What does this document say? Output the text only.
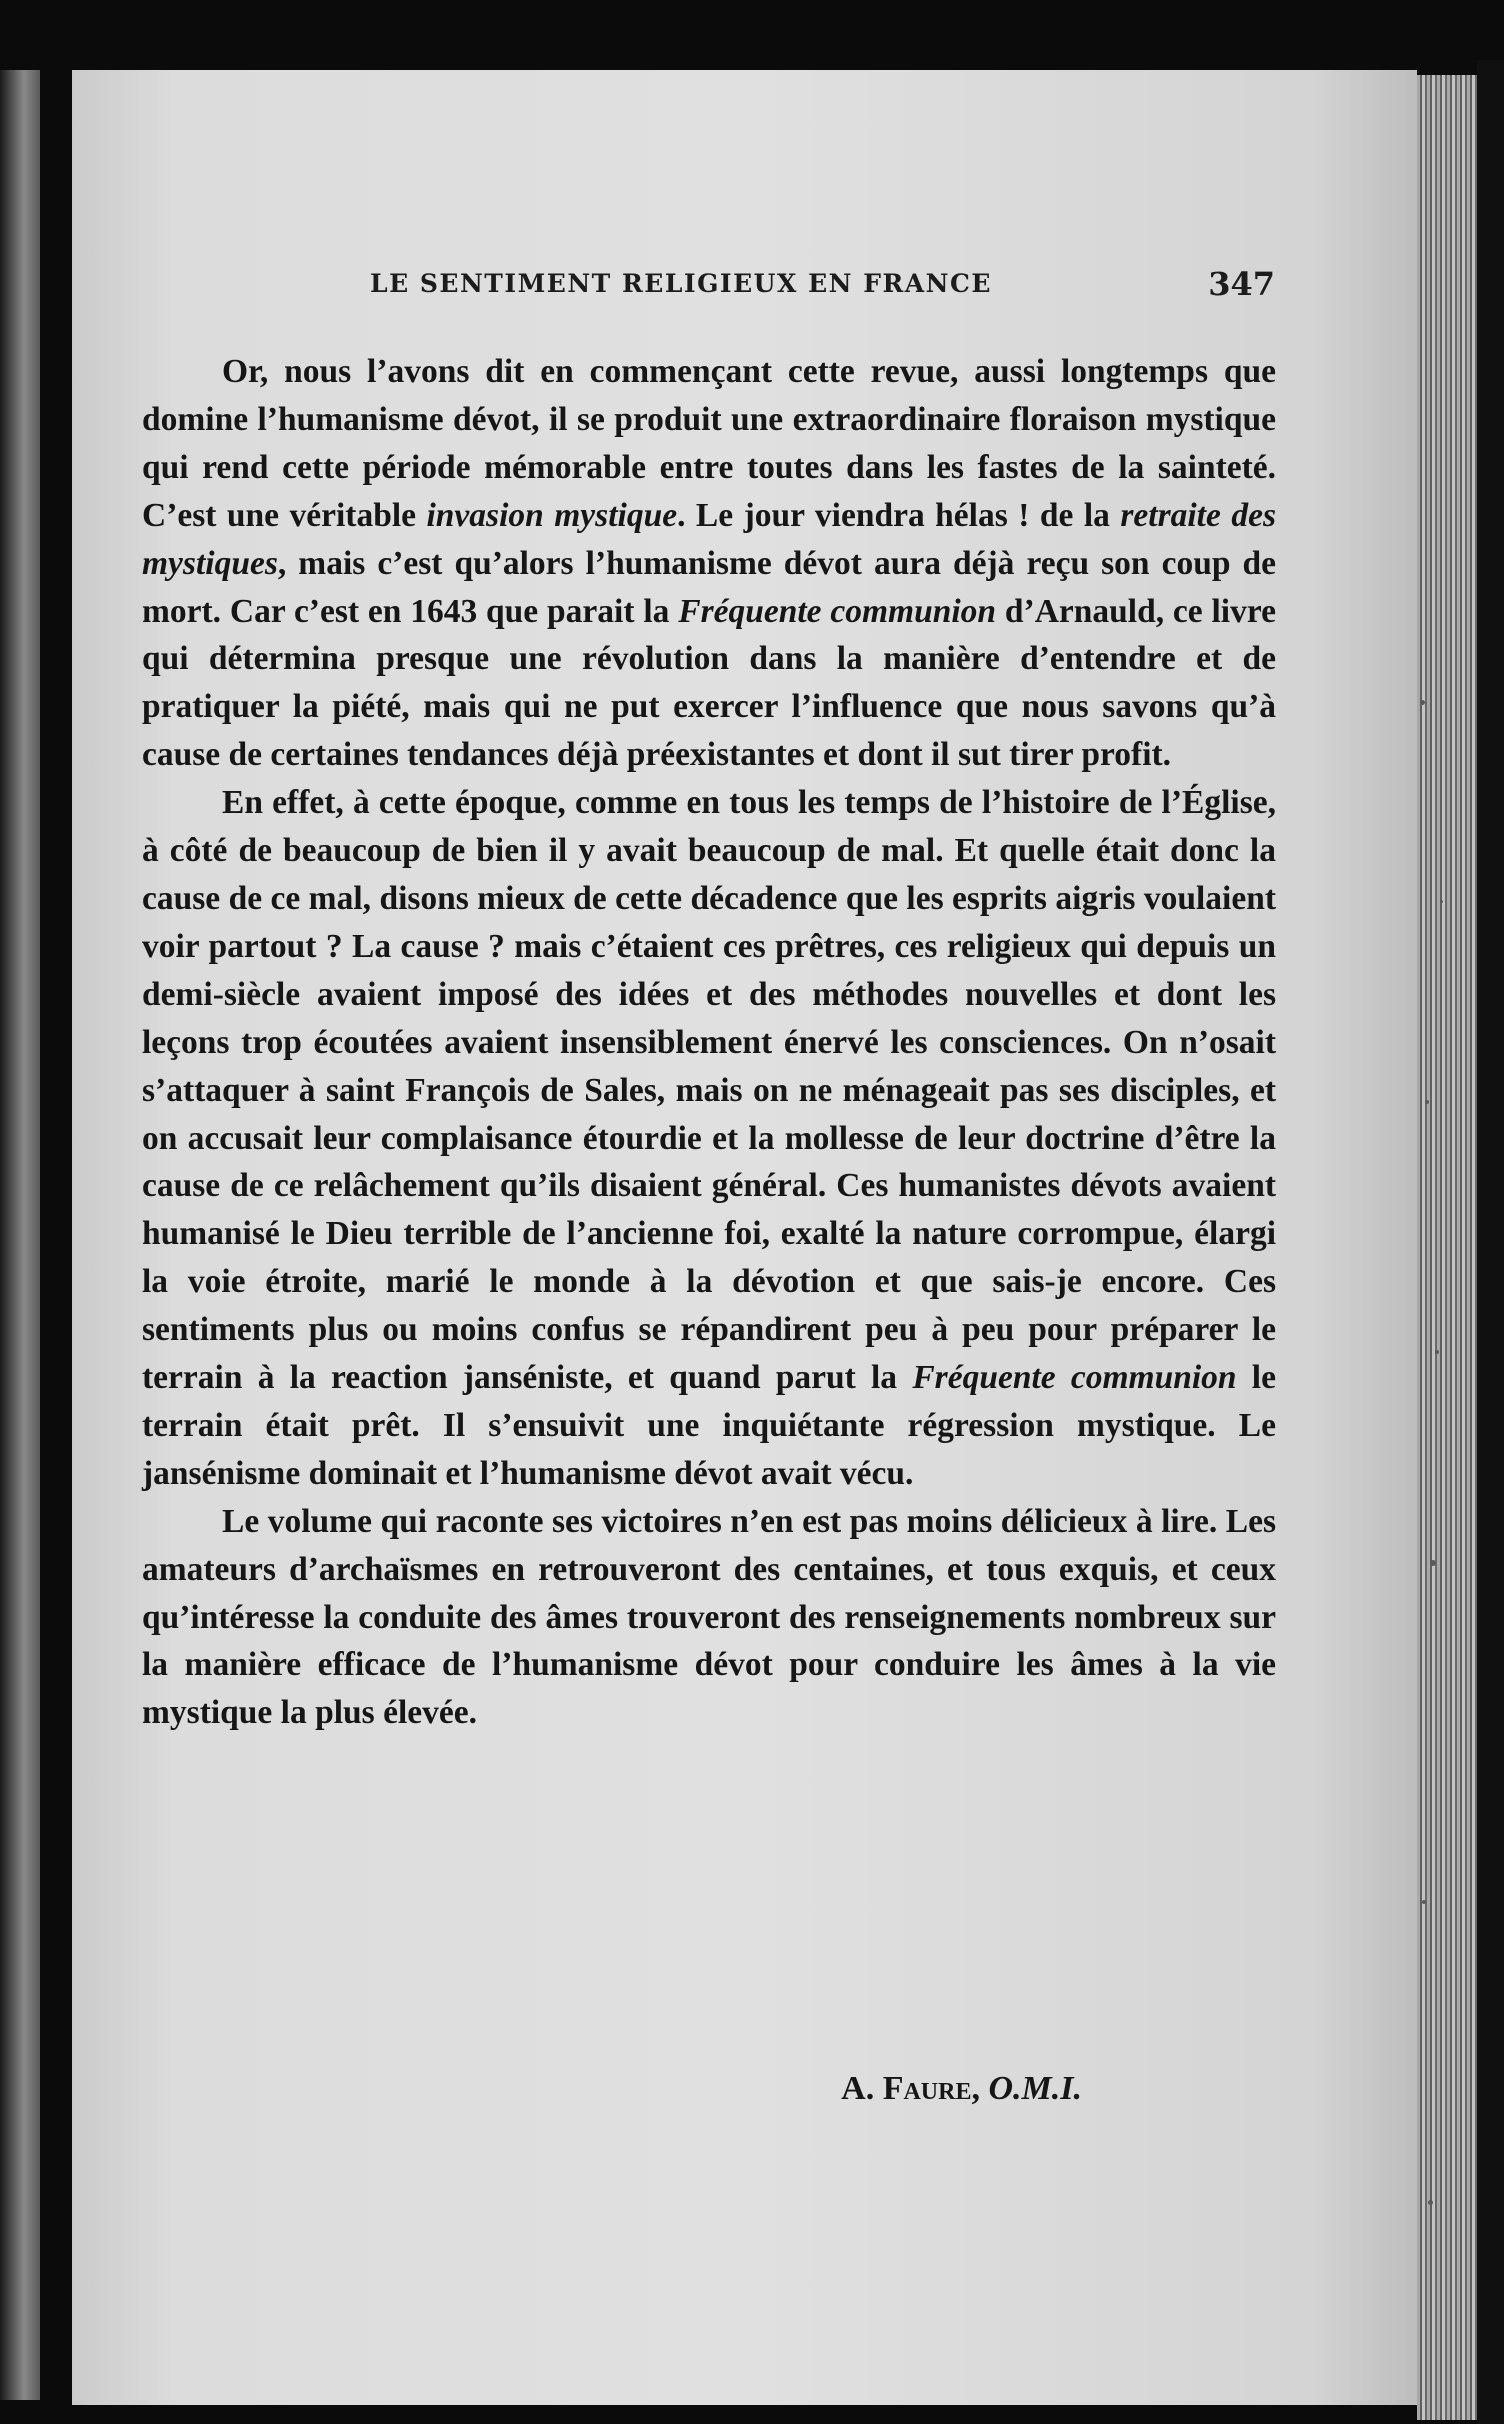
LE SENTIMENT RELIGIEUX EN FRANCE	347

Or, nous l’avons dit en commençant cette revue, aussi longtemps que domine l’humanisme dévot, il se produit une extraordinaire floraison mystique qui rend cette période mémorable entre toutes dans les fastes de la sainteté. C’est une véritable invasion mystique. Le jour viendra hélas ! de la retraite des mystiques, mais c’est qu’alors l’humanisme dévot aura déjà reçu son coup de mort. Car c’est en 1643 que parait la Fréquente communion d’Arnauld, ce livre qui détermina presque une révolution dans la manière d’entendre et de pratiquer la piété, mais qui ne put exercer l’influence que nous savons qu’à cause de certaines tendances déjà préexistantes et dont il sut tirer profit.

En effet, à cette époque, comme en tous les temps de l’histoire de l’Église, à côté de beaucoup de bien il y avait beaucoup de mal. Et quelle était donc la cause de ce mal, disons mieux de cette décadence que les esprits aigris voulaient voir partout ? La cause ? mais c’étaient ces prêtres, ces religieux qui depuis un demi-siècle avaient imposé des idées et des méthodes nouvelles et dont les leçons trop écoutées avaient insensiblement énervé les consciences. On n’osait s’attaquer à saint François de Sales, mais on ne ménageait pas ses disciples, et on accusait leur complaisance étourdie et la mollesse de leur doctrine d’être la cause de ce relâchement qu’ils disaient général. Ces humanistes dévots avaient humanisé le Dieu terrible de l’ancienne foi, exalté la nature corrompue, élargi la voie étroite, marié le monde à la dévotion et que sais-je encore. Ces sentiments plus ou moins confus se répandirent peu à peu pour préparer le terrain à la reaction janséniste, et quand parut la Fréquente communion le terrain était prêt. Il s’ensuivit une inquiétante régression mystique. Le jansénisme dominait et l’humanisme dévot avait vécu.

Le volume qui raconte ses victoires n’en est pas moins délicieux à lire. Les amateurs d’archaïsmes en retrouveront des centaines, et tous exquis, et ceux qu’intéresse la conduite des âmes trouveront des renseignements nombreux sur la manière efficace de l’humanisme dévot pour conduire les âmes à la vie mystique la plus élevée.

A. Faure, O.M.I.
